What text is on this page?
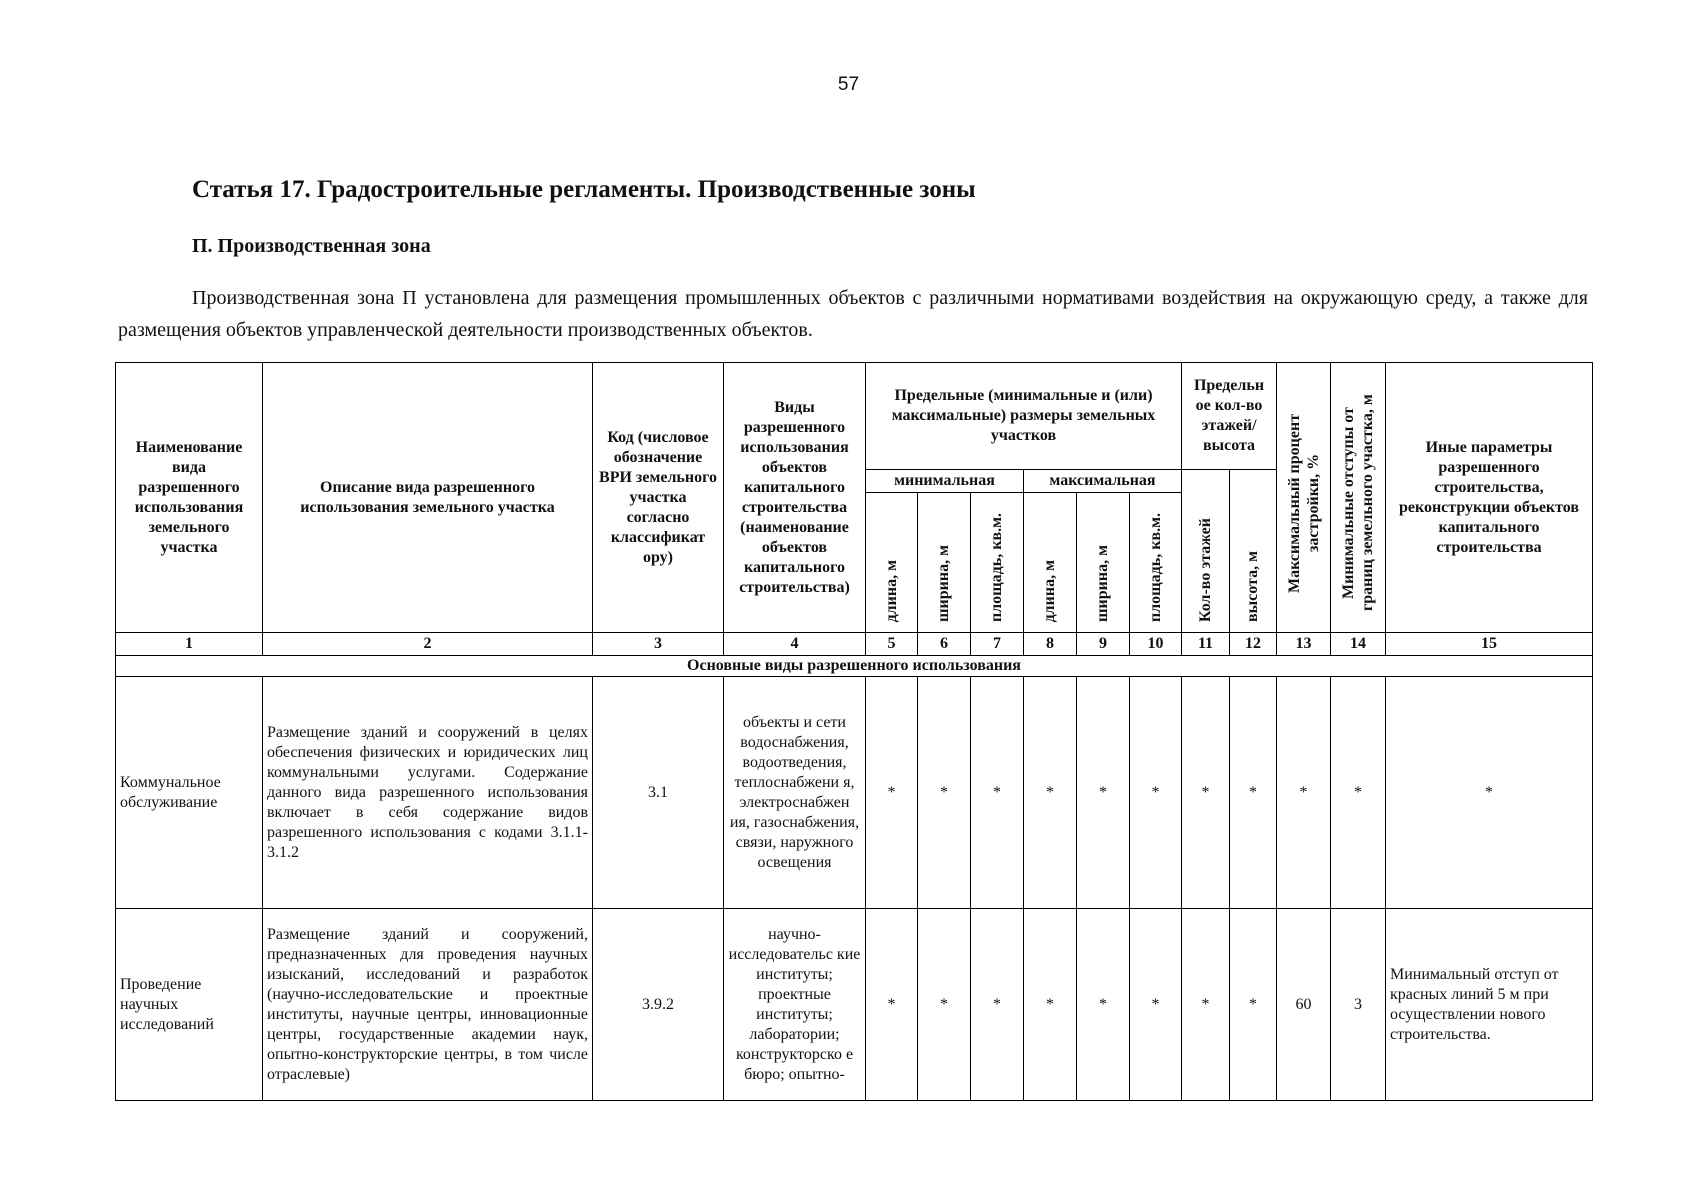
57
Статья 17. Градостроительные регламенты. Производственные зоны
П. Производственная зона

Производственная зона П установлена для размещения промышленных объектов с различными нормативами воздействия на окружающую среду, а также для размещения объектов управленческой деятельности производственных объектов.

Наименование вида разрешенного использования земельного участка	Описание вида разрешенного использования земельного участка	Код (числовое обозначение ВРИ земельного участка согласно классификат ору)	Виды разрешенного использования объектов капитального строительства (наименование объектов капитального строительства)	Предельные (минимальные и (или) максимальные) размеры земельных участков						Предельн ое кол-во этажей/ высота		Максимальный процент застройки, %	Минимальные отступы от границ земельного участка, м	Иные параметры разрешенного строительства, реконструкции объектов капитального строительства
				минимальная			максимальная			Кол-во этажей	высота, м			
				длина, м	ширина, м	площадь, кв.м.	длина, м	ширина, м	площадь, кв.м.					
1	2	3	4	5	6	7	8	9	10	11	12	13	14	15
Основные виды разрешенного использования														
Коммунальное обслуживание	Размещение зданий и сооружений в целях обеспечения физических и юридических лиц коммунальными услугами. Содержание данного вида разрешенного использования включает в себя содержание видов разрешенного использования с кодами 3.1.1-3.1.2	3.1	объекты и сети водоснабжения, водоотведения, теплоснабжени я, электроснабжен ия, газоснабжения, связи, наружного освещения	*	*	*	*	*	*	*	*	*	*	*
Проведение научных исследований	Размещение зданий и сооружений, предназначенных для проведения научных изысканий, исследований и разработок (научно-исследовательские и проектные институты, научные центры, инновационные центры, государственные академии наук, опытно-конструкторские центры, в том числе отраслевые)	3.9.2	научно- исследовательс кие институты; проектные институты; лаборатории; конструкторско е бюро; опытно-	*	*	*	*	*	*	*	*	60	3	Минимальный отступ от красных линий 5 м при осуществлении нового строительства.
